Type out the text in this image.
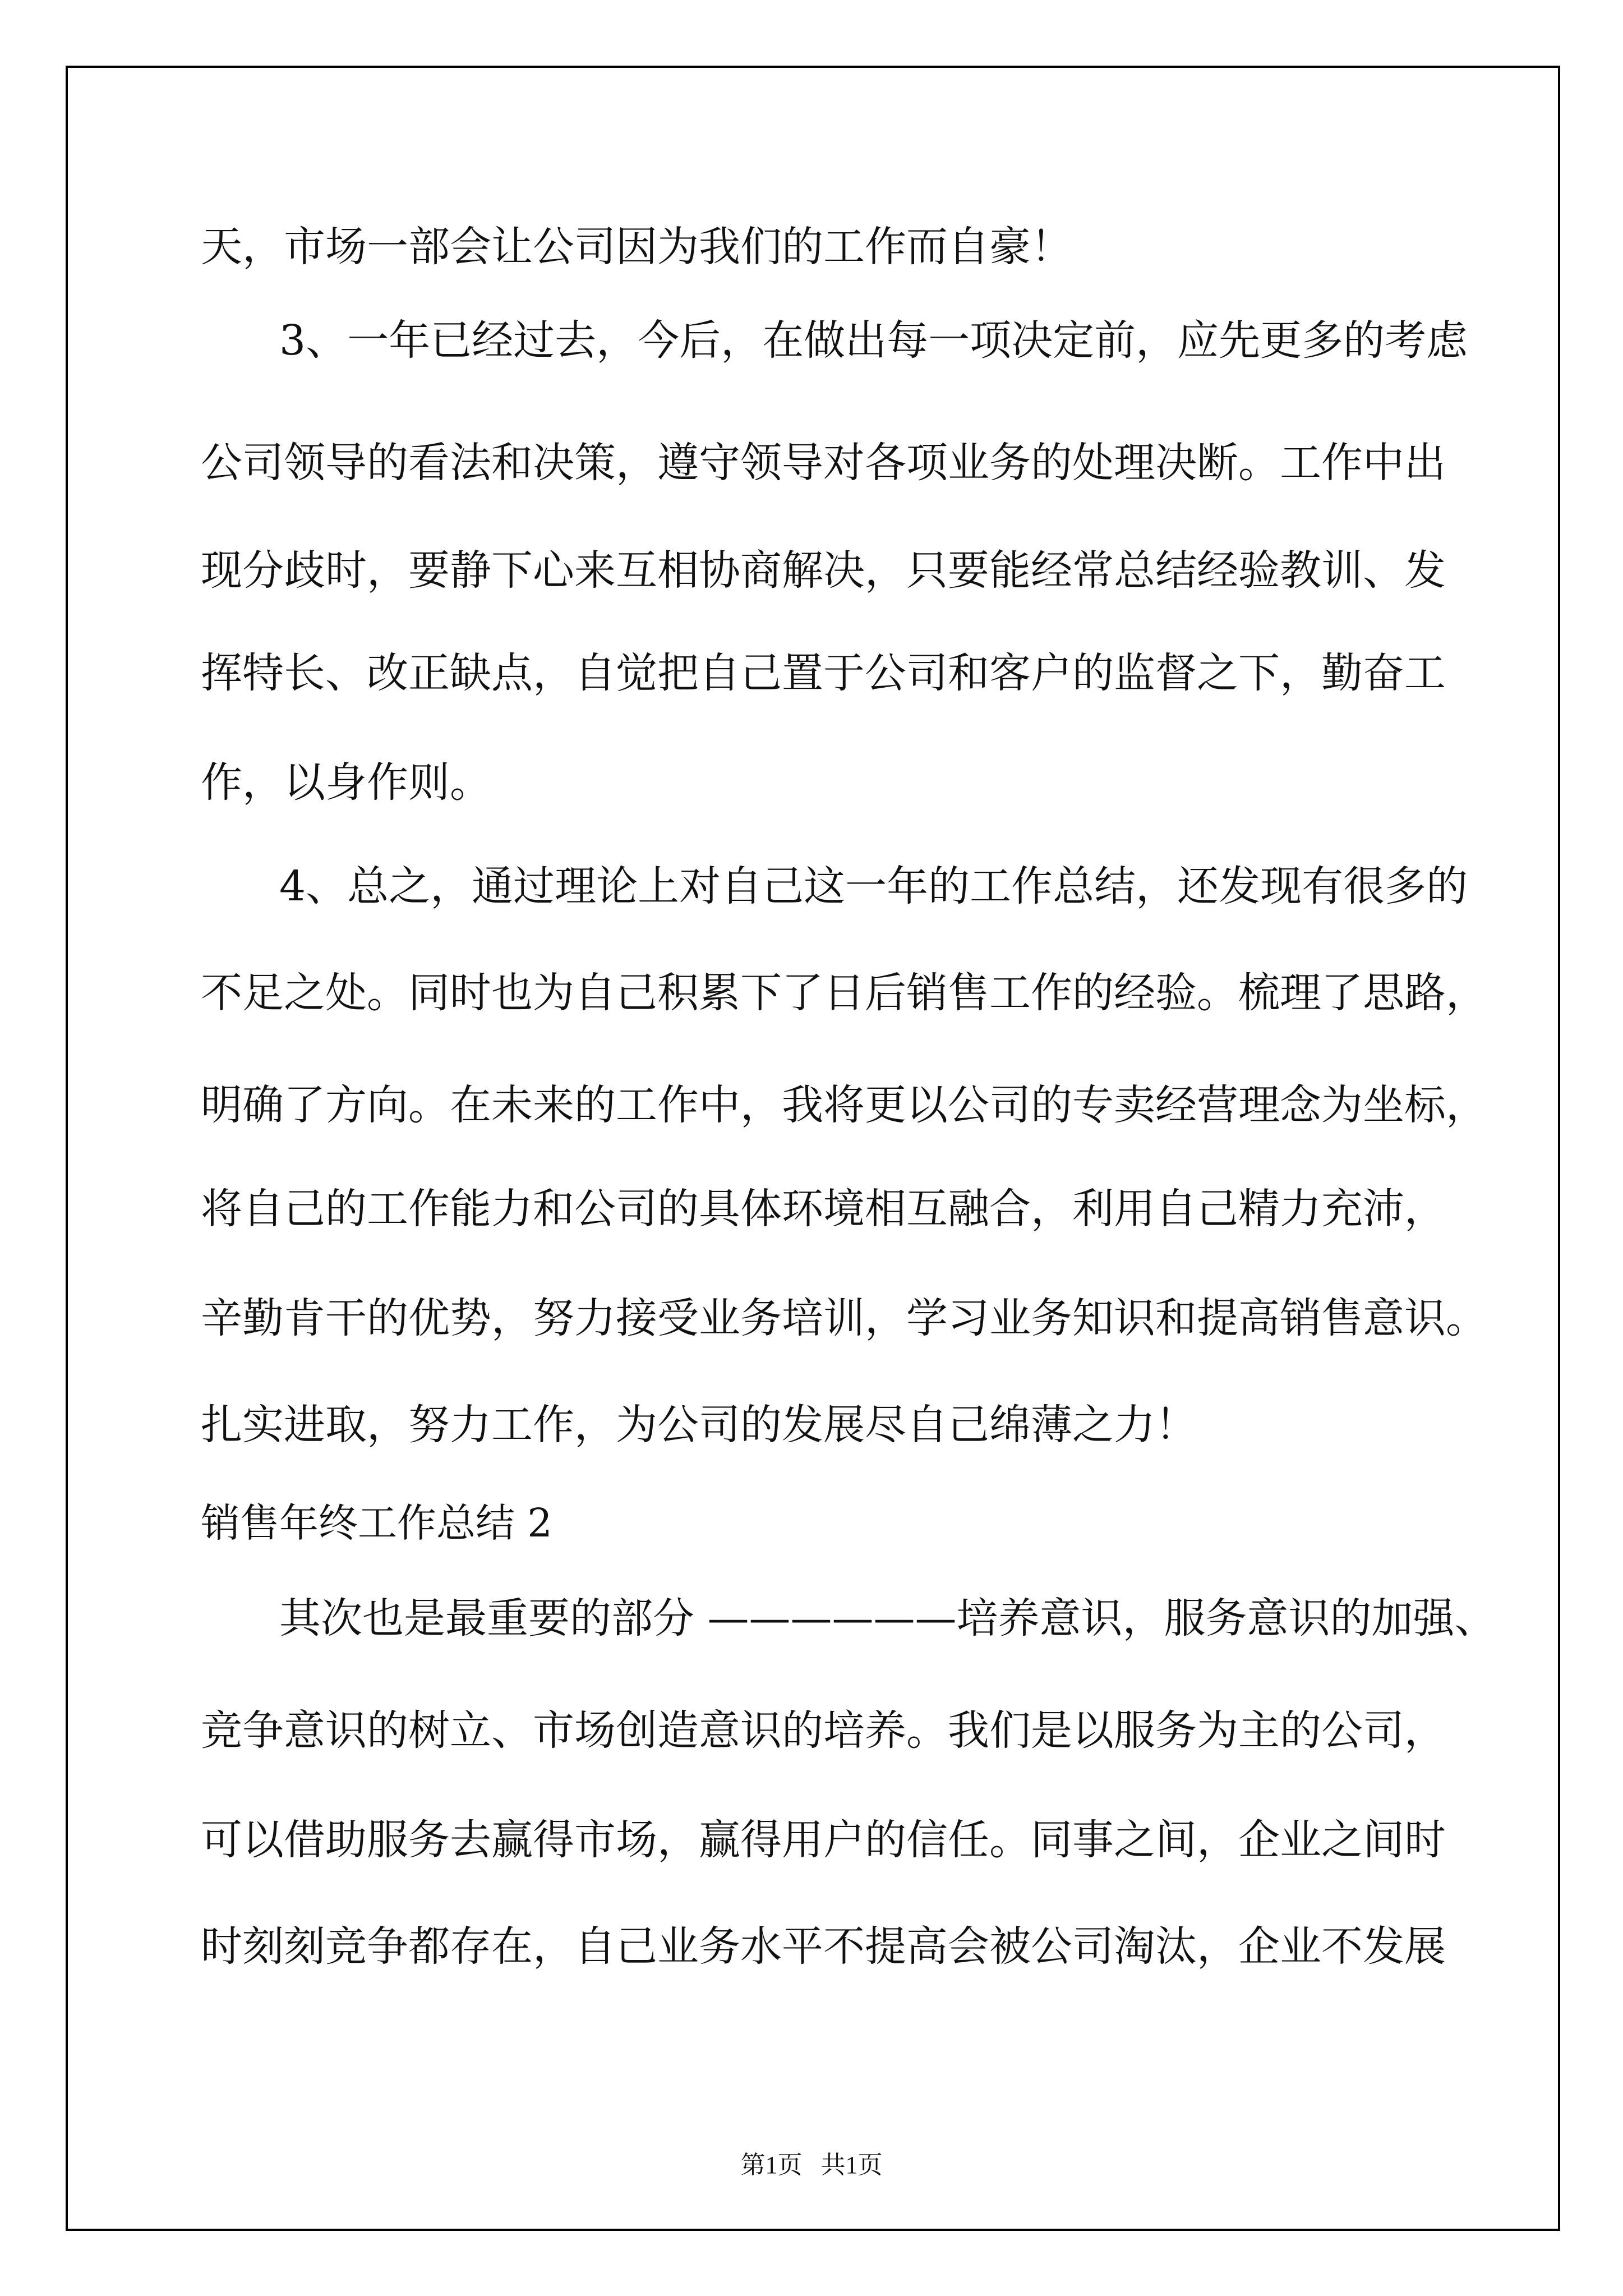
天，市场一部会让公司因为我们的工作而自豪！
3、一年已经过去，今后，在做出每一项决定前，应先更多的考虑
公司领导的看法和决策，遵守领导对各项业务的处理决断。工作中出
现分歧时，要静下心来互相协商解决，只要能经常总结经验教训、发
挥特长、改正缺点，自觉把自己置于公司和客户的监督之下，勤奋工
作，以身作则。
4、总之，通过理论上对自己这一年的工作总结，还发现有很多的
不足之处。同时也为自己积累下了日后销售工作的经验。梳理了思路，
明确了方向。在未来的工作中，我将更以公司的专卖经营理念为坐标，
将自己的工作能力和公司的具体环境相互融合，利用自己精力充沛，
辛勤肯干的优势，努力接受业务培训，学习业务知识和提高销售意识。
扎实进取，努力工作，为公司的发展尽自己绵薄之力！
销售年终工作总结 2
其次也是最重要的部分 ——————培养意识，服务意识的加强、
竞争意识的树立、市场创造意识的培养。我们是以服务为主的公司，
可以借助服务去赢得市场，赢得用户的信任。同事之间，企业之间时
时刻刻竞争都存在，自己业务水平不提高会被公司淘汰，企业不发展
第1页   共1页
